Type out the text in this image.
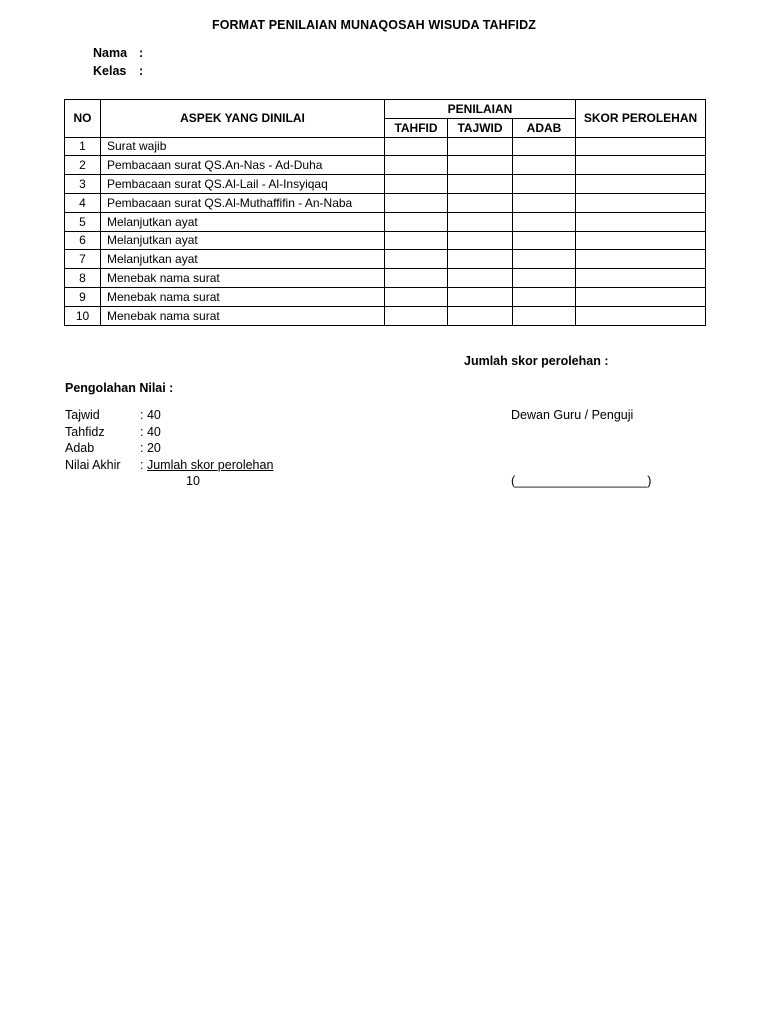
FORMAT PENILAIAN MUNAQOSAH WISUDA TAHFIDZ
Nama :
Kelas :
NO	ASPEK YANG DINILAI	PENILAIAN			SKOR PEROLEHAN
		TAHFID	TAJWID	ADAB	
1	Surat wajib				
2	Pembacaan surat QS.An-Nas - Ad-Duha				
3	Pembacaan surat QS.Al-Lail - Al-Insyiqaq				
4	Pembacaan surat QS.Al-Muthaffifin - An-Naba				
5	Melanjutkan ayat				
6	Melanjutkan ayat				
7	Melanjutkan ayat				
8	Menebak nama surat				
9	Menebak nama surat				
10	Menebak nama surat				
Jumlah skor perolehan :
Pengolahan Nilai :
Tajwid	: 40
Tahfidz	: 40
Adab	: 20
Nilai Akhir : Jumlah skor perolehan
10
Dewan Guru / Penguji
(___________________)
